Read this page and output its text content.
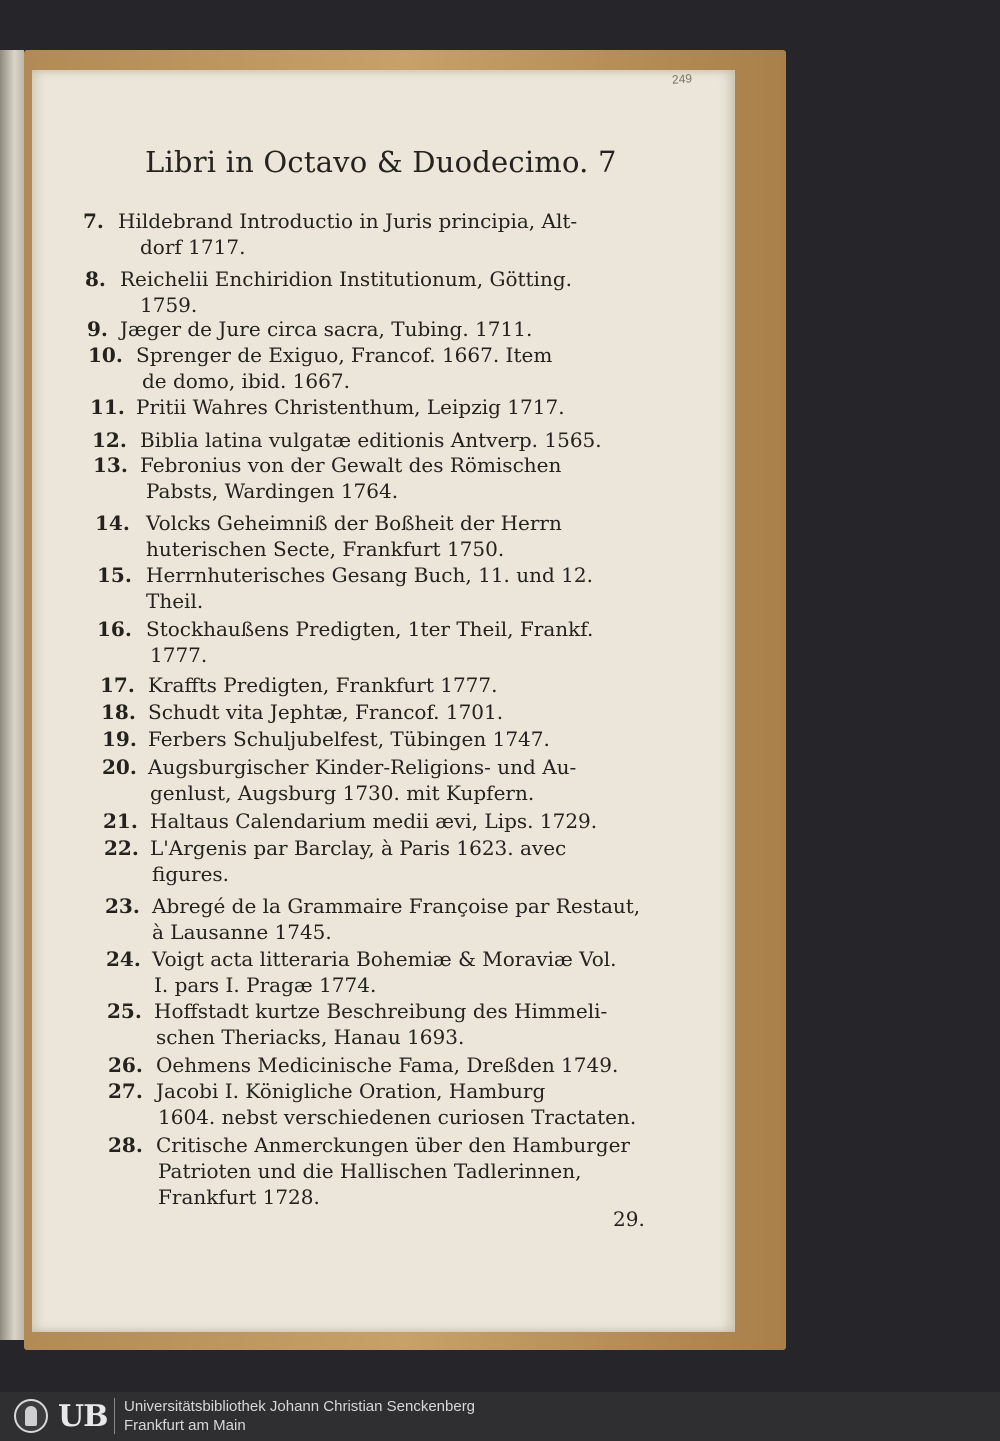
249
Libri in Octavo & Duodecimo. 7
7. Hildebrand Introductio in Juris principia, Alt-
dorf 1717.
8. Reichelii Enchiridion Institutionum, Götting.
1759.
9. Jæger de Jure circa sacra, Tubing. 1711.
10. Sprenger de Exiguo, Francof. 1667. Item
de domo, ibid. 1667.
11. Pritii Wahres Christenthum, Leipzig 1717.
12. Biblia latina vulgatæ editionis Antverp. 1565.
13. Febronius von der Gewalt des Römischen
Pabsts, Wardingen 1764.
14. Volcks Geheimniß der Boßheit der Herrn
huterischen Secte, Frankfurt 1750.
15. Herrnhuterisches Gesang Buch, 11. und 12.
Theil.
16. Stockhaußens Predigten, 1ter Theil, Frankf.
1777.
17. Kraffts Predigten, Frankfurt 1777.
18. Schudt vita Jephtæ, Francof. 1701.
19. Ferbers Schuljubelfest, Tübingen 1747.
20. Augsburgischer Kinder-Religions- und Au-
genlust, Augsburg 1730. mit Kupfern.
21. Haltaus Calendarium medii ævi, Lips. 1729.
22. L'Argenis par Barclay, à Paris 1623. avec
figures.
23. Abregé de la Grammaire Françoise par Restaut,
à Lausanne 1745.
24. Voigt acta litteraria Bohemiæ & Moraviæ Vol.
I. pars I. Pragæ 1774.
25. Hoffstadt kurtze Beschreibung des Himmeli-
schen Theriacks, Hanau 1693.
26. Oehmens Medicinische Fama, Dreßden 1749.
27. Jacobi I. Königliche Oration, Hamburg
1604. nebst verschiedenen curiosen Tractaten.
28. Critische Anmerckungen über den Hamburger
Patrioten und die Hallischen Tadlerinnen,
Frankfurt 1728.
29.
UB Universitätsbibliothek Johann Christian Senckenberg
Frankfurt am Main
